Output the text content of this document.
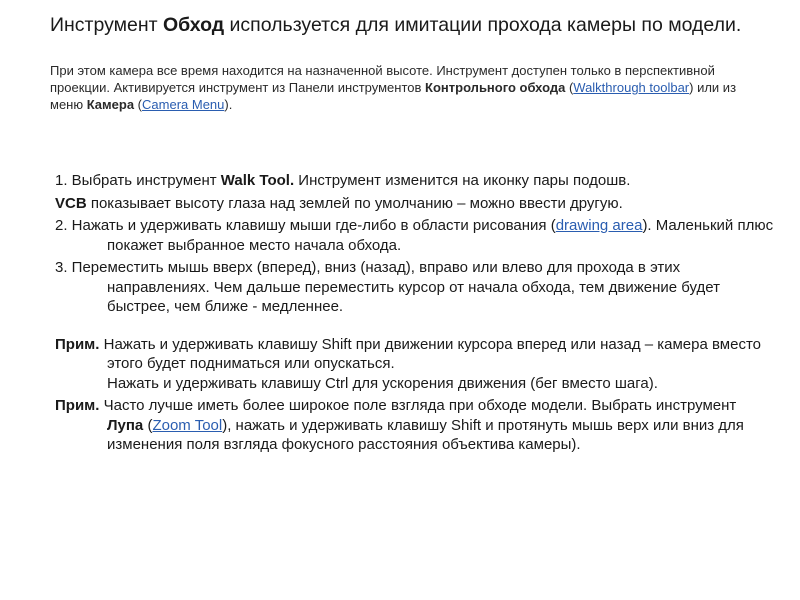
Инструмент Обход используется для имитации прохода камеры по модели.
При этом камера все время находится на назначенной высоте. Инструмент доступен только в перспективной проекции. Активируется инструмент из Панели инструментов Контрольного обхода (Walkthrough toolbar) или из меню Камера (Camera Menu).
1. Выбрать инструмент Walk Tool. Инструмент изменится на иконку пары подошв.
VCB показывает высоту глаза над землей по умолчанию – можно ввести другую.
2. Нажать и удерживать клавишу мыши где-либо в области рисования (drawing area). Маленький плюс покажет выбранное место начала обхода.
3. Переместить мышь вверх (вперед), вниз (назад), вправо или влево для прохода в этих направлениях. Чем дальше переместить курсор от начала обхода, тем движение будет быстрее, чем ближе - медленнее.
Прим. Нажать и удерживать клавишу Shift при движении курсора вперед или назад – камера вместо этого будет подниматься или опускаться.
Нажать и удерживать клавишу Ctrl для ускорения движения (бег вместо шага).
Прим. Часто лучше иметь более широкое поле взгляда при обходе модели. Выбрать инструмент Лупа (Zoom Tool), нажать и удерживать клавишу Shift и протянуть мышь верх или вниз для изменения поля взгляда фокусного расстояния объектива камеры).
